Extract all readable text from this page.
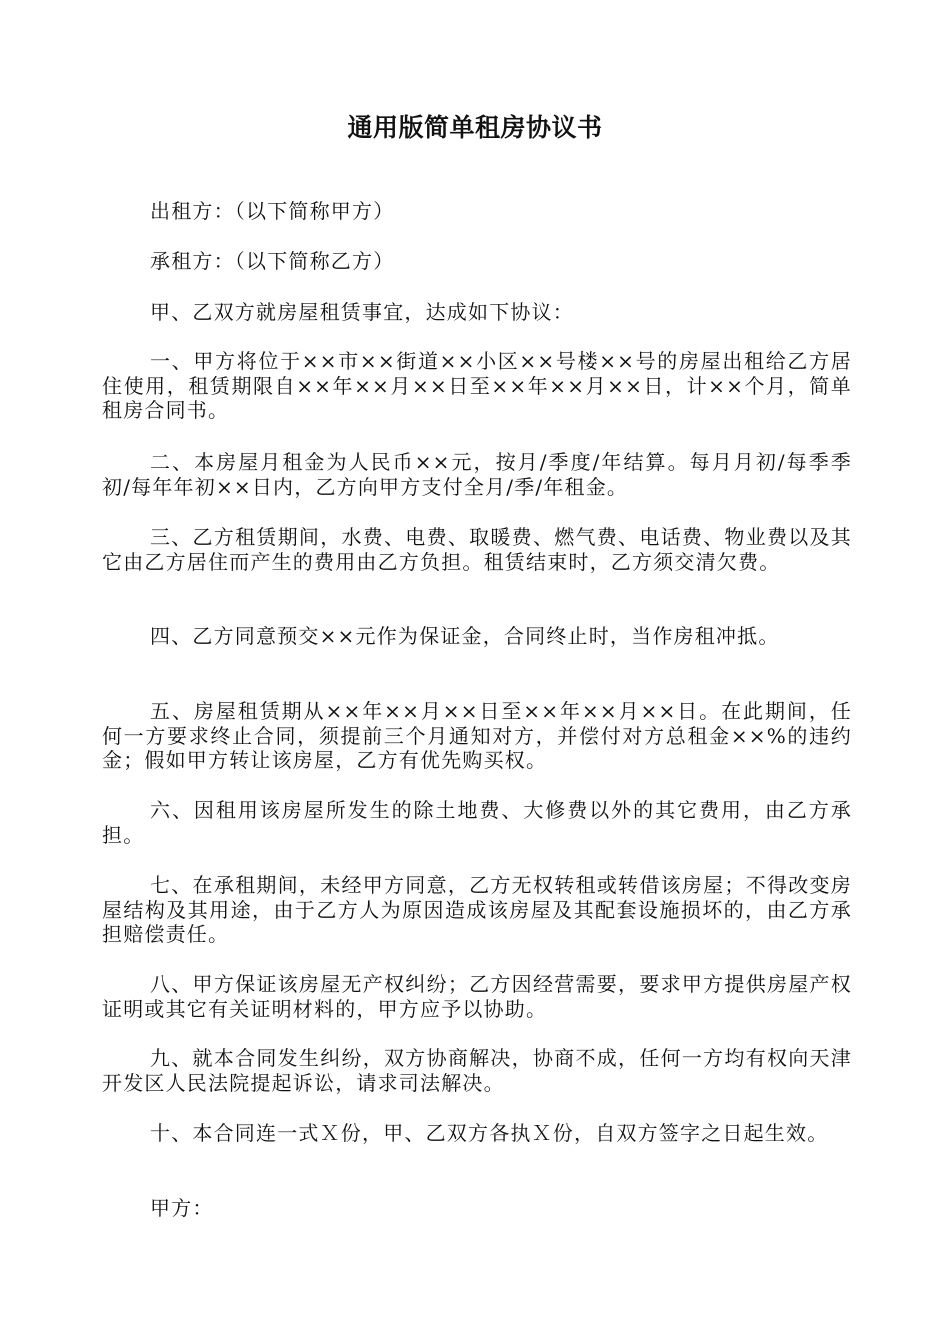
通用版简单租房协议书

出租方：（以下简称甲方）

承租方：（以下简称乙方）

甲、乙双方就房屋租赁事宜，达成如下协议：

一、甲方将位于××市××街道××小区××号楼××号的房屋出租给乙方居住使用，租赁期限自××年××月××日至××年××月××日，计××个月，简单租房合同书。

二、本房屋月租金为人民币××元，按月/季度/年结算。每月月初/每季季初/每年年初××日内，乙方向甲方支付全月/季/年租金。

三、乙方租赁期间，水费、电费、取暖费、燃气费、电话费、物业费以及其它由乙方居住而产生的费用由乙方负担。租赁结束时，乙方须交清欠费。

四、乙方同意预交××元作为保证金，合同终止时，当作房租冲抵。

五、房屋租赁期从××年××月××日至××年××月××日。在此期间，任何一方要求终止合同，须提前三个月通知对方，并偿付对方总租金××%的违约金；假如甲方转让该房屋，乙方有优先购买权。

六、因租用该房屋所发生的除土地费、大修费以外的其它费用，由乙方承担。

七、在承租期间，未经甲方同意，乙方无权转租或转借该房屋；不得改变房屋结构及其用途，由于乙方人为原因造成该房屋及其配套设施损坏的，由乙方承担赔偿责任。

八、甲方保证该房屋无产权纠纷；乙方因经营需要，要求甲方提供房屋产权证明或其它有关证明材料的，甲方应予以协助。

九、就本合同发生纠纷，双方协商解决，协商不成，任何一方均有权向天津开发区人民法院提起诉讼，请求司法解决。

十、本合同连一式Ｘ份，甲、乙双方各执Ｘ份，自双方签字之日起生效。

甲方：
